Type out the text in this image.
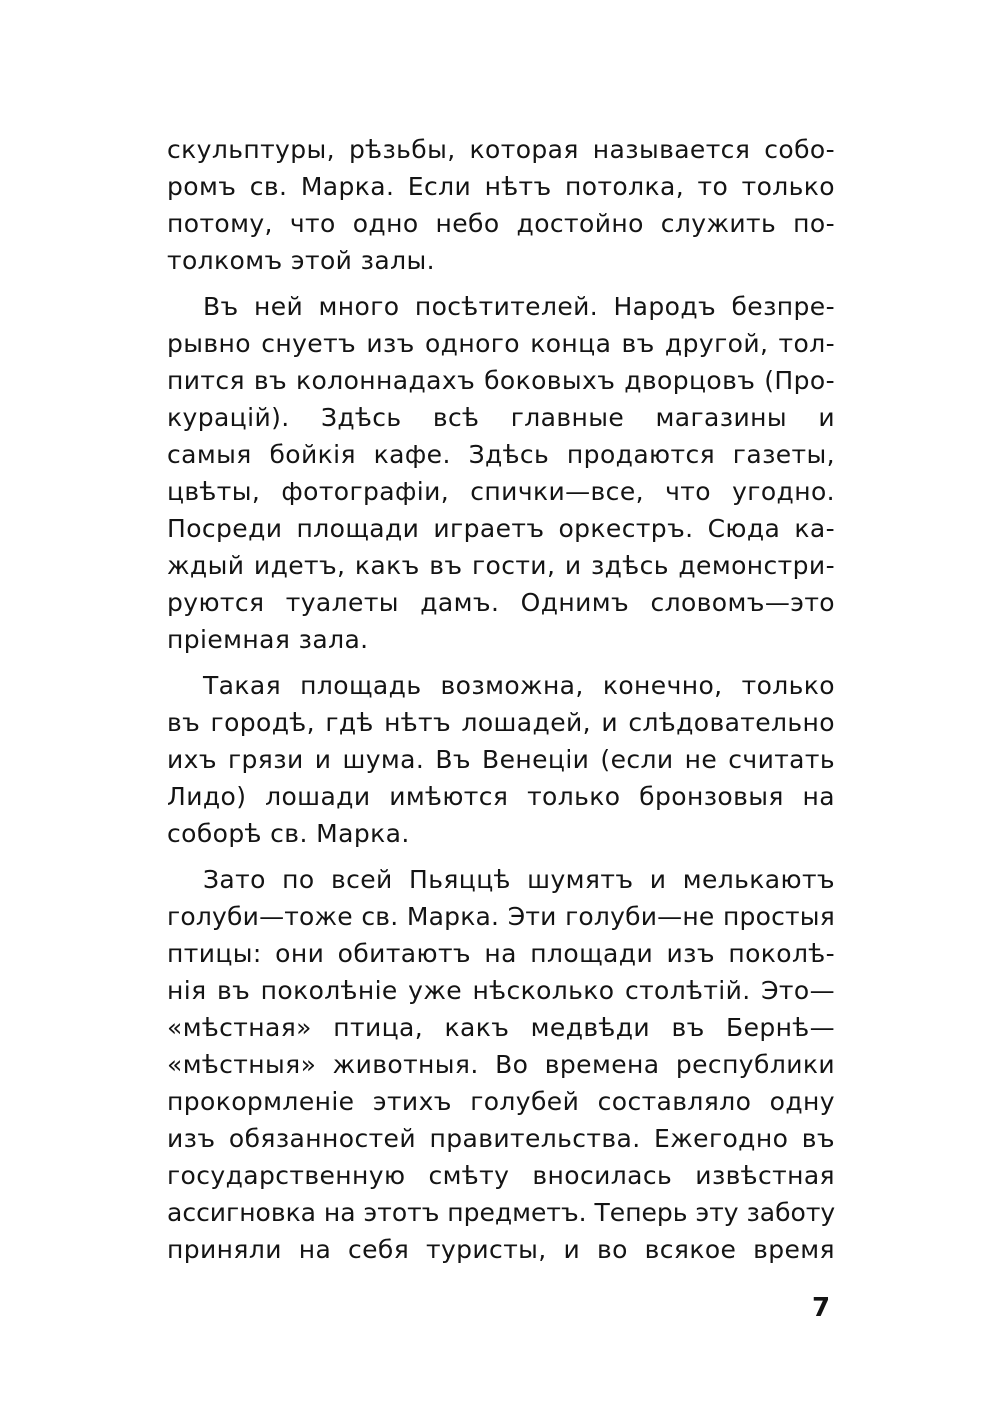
скульптуры, рѣзьбы, которая называется собо-
ромъ св. Марка. Если нѣтъ потолка, то только
потому, что одно небо достойно служить по-
толкомъ этой залы.
Въ ней много посѣтителей. Народъ безпре-
рывно снуетъ изъ одного конца въ другой, тол-
пится въ колоннадахъ боковыхъ дворцовъ (Про-
курацій). Здѣсь всѣ главные магазины и
самыя бойкія кафе. Здѣсь продаются газеты,
цвѣты, фотографіи, спички—все, что угодно.
Посреди площади играетъ оркестръ. Сюда ка-
ждый идетъ, какъ въ гости, и здѣсь демонстри-
руются туалеты дамъ. Однимъ словомъ—это
пріемная зала.
Такая площадь возможна, конечно, только
въ городѣ, гдѣ нѣтъ лошадей, и слѣдовательно
ихъ грязи и шума. Въ Венеціи (если не считать
Лидо) лошади имѣются только бронзовыя на
соборѣ св. Марка.
Зато по всей Пьяццѣ шумятъ и мелькаютъ
голуби—тоже св. Марка. Эти голуби—не простыя
птицы: они обитаютъ на площади изъ поколѣ-
нія въ поколѣніе уже нѣсколько столѣтій. Это—
«мѣстная» птица, какъ медвѣди въ Бернѣ—
«мѣстныя» животныя. Во времена республики
прокормленіе этихъ голубей составляло одну
изъ обязанностей правительства. Ежегодно въ
государственную смѣту вносилась извѣстная
ассигновка на этотъ предметъ. Теперь эту заботу
приняли на себя туристы, и во всякое время
7
